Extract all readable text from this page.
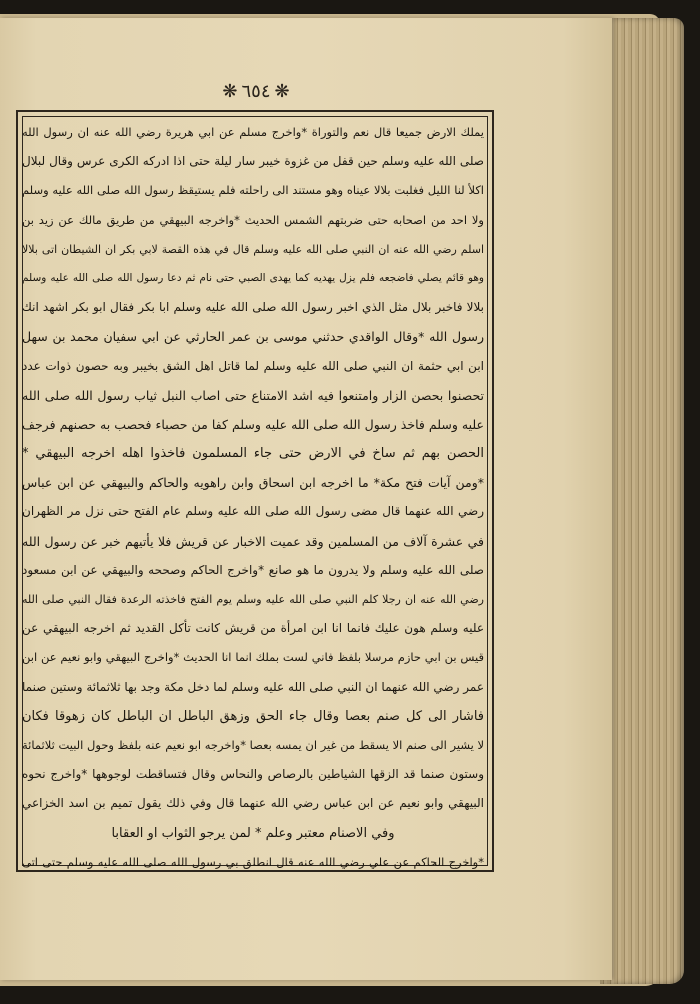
❋
٦٥٤
❋
يملك الارض جميعا قال نعم والتوراة *واخرج مسلم عن ابي هريرة رضي الله عنه ان رسول الله
صلى الله عليه وسلم حين قفل من غزوة خيبر سار ليلة حتى اذا ادركه الكرى عرس وقال لبلال
اكلأ لنا الليل فغلبت بلالا عيناه وهو مستند الى راحلته فلم يستيقظ رسول الله صلى الله عليه وسلم
ولا احد من اصحابه حتى ضربتهم الشمس الحديث *واخرجه البيهقي من طريق مالك عن زيد بن
اسلم رضي الله عنه ان النبي صلى الله عليه وسلم قال في هذه القصة لابي بكر ان الشيطان اتى بلالا
وهو قائم يصلي فاضجعه فلم يزل يهديه كما يهدى الصبي حتى نام ثم دعا رسول الله صلى الله عليه وسلم
بلالا فاخبر بلال مثل الذي اخبر رسول الله صلى الله عليه وسلم ابا بكر فقال ابو بكر اشهد انك
رسول الله *وقال الواقدي حدثني موسى بن عمر الحارثي عن ابي سفيان محمد بن سهل
ابن ابي حثمة ان النبي صلى الله عليه وسلم لما قاتل اهل الشق بخيبر وبه حصون ذوات عدد
تحصنوا بحصن الزار وامتنعوا فيه اشد الامتناع حتى اصاب النبل ثياب رسول الله صلى الله
عليه وسلم فاخذ رسول الله صلى الله عليه وسلم كفا من حصباء فحصب به حصنهم فرجف
الحصن بهم ثم ساخ في الارض حتى جاء المسلمون فاخذوا اهله اخرجه البيهقي *
*ومن آيات فتح مكة* ما اخرجه ابن اسحاق وابن راهويه والحاكم والبيهقي عن ابن عباس
رضي الله عنهما قال مضى رسول الله صلى الله عليه وسلم عام الفتح حتى نزل مر الظهران
في عشرة آلاف من المسلمين وقد عميت الاخبار عن قريش فلا يأتيهم خبر عن رسول الله
صلى الله عليه وسلم ولا يدرون ما هو صانع *واخرج الحاكم وصححه والبيهقي عن ابن مسعود
رضي الله عنه ان رجلا كلم النبي صلى الله عليه وسلم يوم الفتح فاخذته الرعدة فقال النبي صلى الله
عليه وسلم هون عليك فانما انا ابن امرأة من قريش كانت تأكل القديد ثم اخرجه البيهقي عن
قيس بن ابي حازم مرسلا بلفظ فاني لست بملك انما انا الحديث *واخرج البيهقي وابو نعيم عن ابن
عمر رضي الله عنهما ان النبي صلى الله عليه وسلم لما دخل مكة وجد بها ثلاثمائة وستين صنما
فاشار الى كل صنم بعصا وقال جاء الحق وزهق الباطل ان الباطل كان زهوقا فكان
لا يشير الى صنم الا يسقط من غير ان يمسه بعصا *واخرجه ابو نعيم عنه بلفظ وحول البيت ثلاثمائة
وستون صنما قد الزقها الشياطين بالرصاص والنحاس وقال فتساقطت لوجوهها *واخرج نحوه
البيهقي وابو نعيم عن ابن عباس رضي الله عنهما قال وفي ذلك يقول تميم بن اسد الخزاعي
وفي الاصنام معتبر وعلم * لمن يرجو الثواب او العقابا
*واخرج الحاكم عن علي رضي الله عنه قال انطلق بي رسول الله صلى الله عليه وسلم حتى اتى
